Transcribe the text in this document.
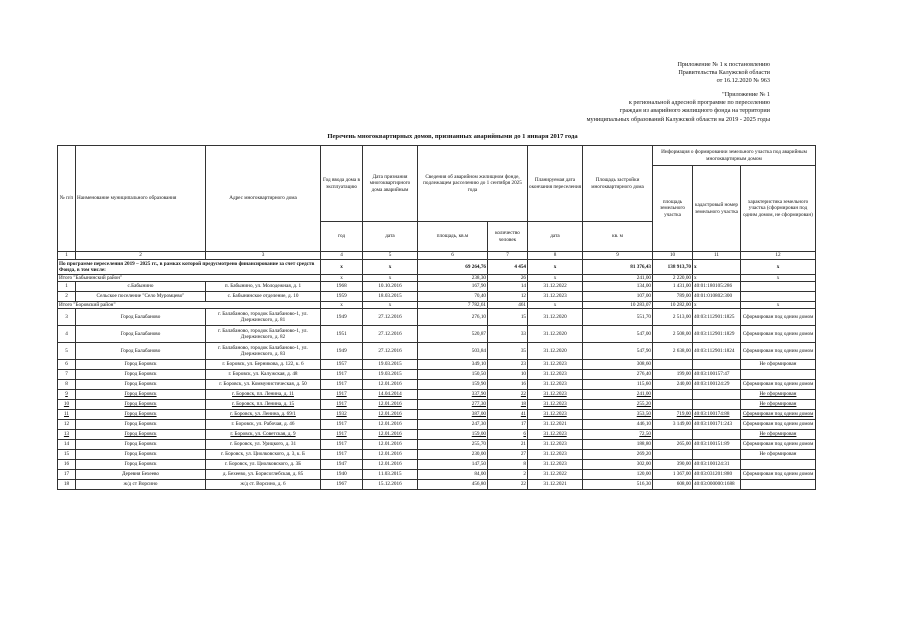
Приложение № 1 к постановлению
Правительства Калужской области
от 16.12.2020 № 963
"Приложение № 1
к региональной адресной программе по переселению
граждан из аварийного жилищного фонда на территории
муниципальных образований Калужской области на 2019 - 2025 годы
Перечень многоквартирных домов, признанных аварийными до 1 января 2017 года
№ п/п	Наименование муниципального образования	Адрес многоквартирного дома	Год ввода дома в эксплуатацию	Дата признания многоквартирного дома аварийным	Сведения об аварийном жилищном фонде, подлежащем расселению до 1 сентября 2025 года		Планируемая дата окончания переселения	Площадь застройки многоквартирного дома	Информация о формировании земельного участка под аварийным многоквартирным домом		
									площадь земельного участка	кадастровый номер земельного участка	характеристика земельного участка (сформирован под одним домом, не сформирован)
			год	дата	площадь, кв.м	количество человек	дата	кв. м			
1	2	3	4	5	6	7	8	9	10	11	12
По программе переселения 2019 – 2025 гг., в рамках которой предусмотрено финансирование за счет средств Фонда, в том числе:			x	x	69 264,76	4 454	x	81 376,43	138 913,70	x	x
Итого "Бабынинский район"			x	x	238,30	26	x	241,00	2 220,00	x	x
1	с.Бабынино	п. Бабынино, ул. Молодежная, д. 1	1968	10.10.2016	167,90	14	31.12.2022	134,00	1 431,00	40:01:180105:286	
2	Сельское поселение "Село Муромцево"	с. Бабынинское отделение, д. 10	1959	18.03.2015	70,40	12	31.12.2023	107,00	789,00	40:01:010802:300	
Итого "Боровский район"			x	x	7 782,61	461	x	10 283,07	10 282,00	x	x
3	Город Балабаново	г. Балабаново, городок Балабаново-1, ул. Дзержинского, д. 81	1949	27.12.2016	276,10	15	31.12.2020	551,70	2 513,00	40:03:112901:1825	Сформирован под одним домом
4	Город Балабаново	г. Балабаново, городок Балабаново-1, ул. Дзержинского, д. 82	1951	27.12.2016	520,87	33	31.12.2020	547,00	2 508,00	40:03:112901:1829	Сформирован под одним домом
5	Город Балабаново	г. Балабаново, городок Балабаново-1, ул. Дзержинского, д. 83	1949	27.12.2016	503,84	35	31.12.2020	547,90	2 638,00	40:03:112901:1824	Сформирован под одним домом
6	Город Боровск	г. Боровск, ул. Берникова, д. 122, к. 6	1957	19.03.2015	349,10	23	31.12.2023	308,60			Не сформирован
7	Город Боровск	г. Боровск, ул. Калужская, д. 48	1917	19.03.2015	150,50	10	31.12.2023	276,40	199,00	40:03:100157:47	
8	Город Боровск	г. Боровск, ул. Коммунистическая, д. 50	1917	12.01.2016	159,90	16	31.12.2023	115,60	240,00	40:03:100124:29	Сформирован под одним домом
9	Город Боровск	г. Боровск, пл. Ленина, д. 11	1917	14.04.2014	337,90	22	31.12.2023	241,00			Не сформирован
10	Город Боровск	г. Боровск, пл. Ленина, д. 15	1917	12.01.2016	277,30	18	31.12.2023	255,20			Не сформирован
11	Город Боровск	г. Боровск, ул. Ленина, д. 69/1	1932	12.01.2016	387,00	41	31.12.2023	353,50	719,00	40:03:100174:88	Сформирован под одним домом
12	Город Боровск	г. Боровск, ул. Рабочая, д. 46	1917	12.01.2016	247,30	17	31.12.2021	446,10	3 149,00	40:03:100171:243	Сформирован под одним домом
13	Город Боровск	г. Боровск, ул. Советская, д. 9	1917	12.01.2016	159,00	6	31.12.2023	72,50			Не сформирован
14	Город Боровск	г. Боровск, ул. Урицкого, д. 31	1917	12.01.2016	255,70	21	31.12.2023	188,80	265,00	40:03:100151:89	Сформирован под одним домом
15	Город Боровск	г. Боровск, ул. Циолковского, д. 3, к. Б	1917	12.01.2016	230,00	27	31.12.2023	269,20			Не сформирован
16	Город Боровск	г. Боровск, ул. Циолковского, д. 3Б	1947	12.01.2016	147,50	8	31.12.2023	302,00	390,00	40:03:100124:31	
17	Деревня Бехеево	д. Бехеево, ул. Борисоглебская, д. 85	1940	11.03.2015	84,00	2	31.12.2022	120,00	1 367,00	40:03:031201:880	Сформирован под одним домом
18	ж/д ст Ворсино	ж/д ст. Ворсино, д. 6	1967	15.12.2016	456,80	22	31.12.2021	516,30	608,00	40:03:000000:1688	
